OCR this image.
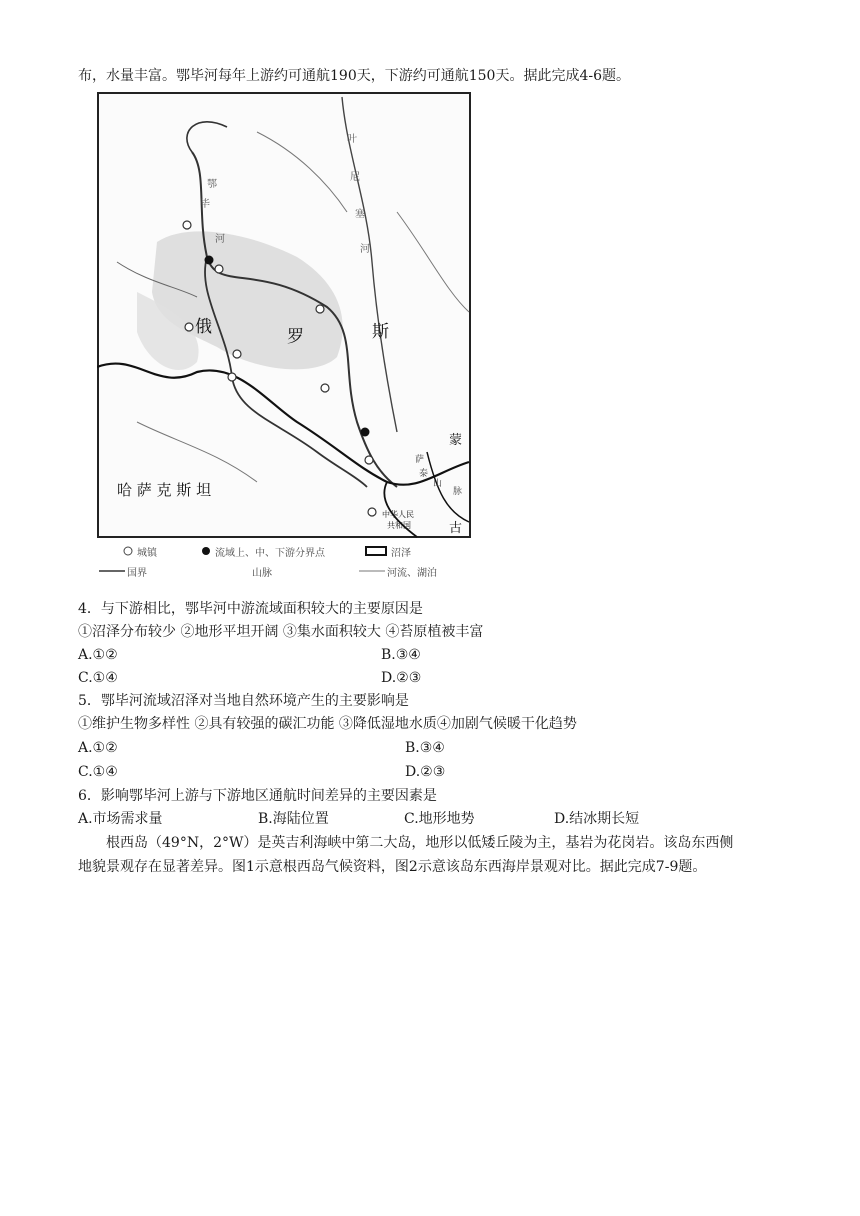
布，水量丰富。鄂毕河每年上游约可通航190天，下游约可通航150天。据此完成4-6题。
俄	罗	斯
哈 萨 克 斯 坦
蒙
古
中华人民
共和国
萨
泰
山
脉
鄂
毕
河
叶
尼
塞
河
城镇	流域上、中、下游分界点	沼泽
国界	山脉	河流、湖泊
4．与下游相比，鄂毕河中游流域面积较大的主要原因是
①沼泽分布较少 ②地形平坦开阔 ③集水面积较大 ④苔原植被丰富
A.①②	B.③④
C.①④	D.②③
5．鄂毕河流域沼泽对当地自然环境产生的主要影响是
①维护生物多样性 ②具有较强的碳汇功能 ③降低湿地水质④加剧气候暖干化趋势
A.①②	B.③④
C.①④	D.②③
6．影响鄂毕河上游与下游地区通航时间差异的主要因素是
A.市场需求量	B.海陆位置	C.地形地势	D.结冰期长短
根西岛（49°N，2°W）是英吉利海峡中第二大岛，地形以低矮丘陵为主，基岩为花岗岩。该岛东西侧
地貌景观存在显著差异。图1示意根西岛气候资料，图2示意该岛东西海岸景观对比。据此完成7-9题。
